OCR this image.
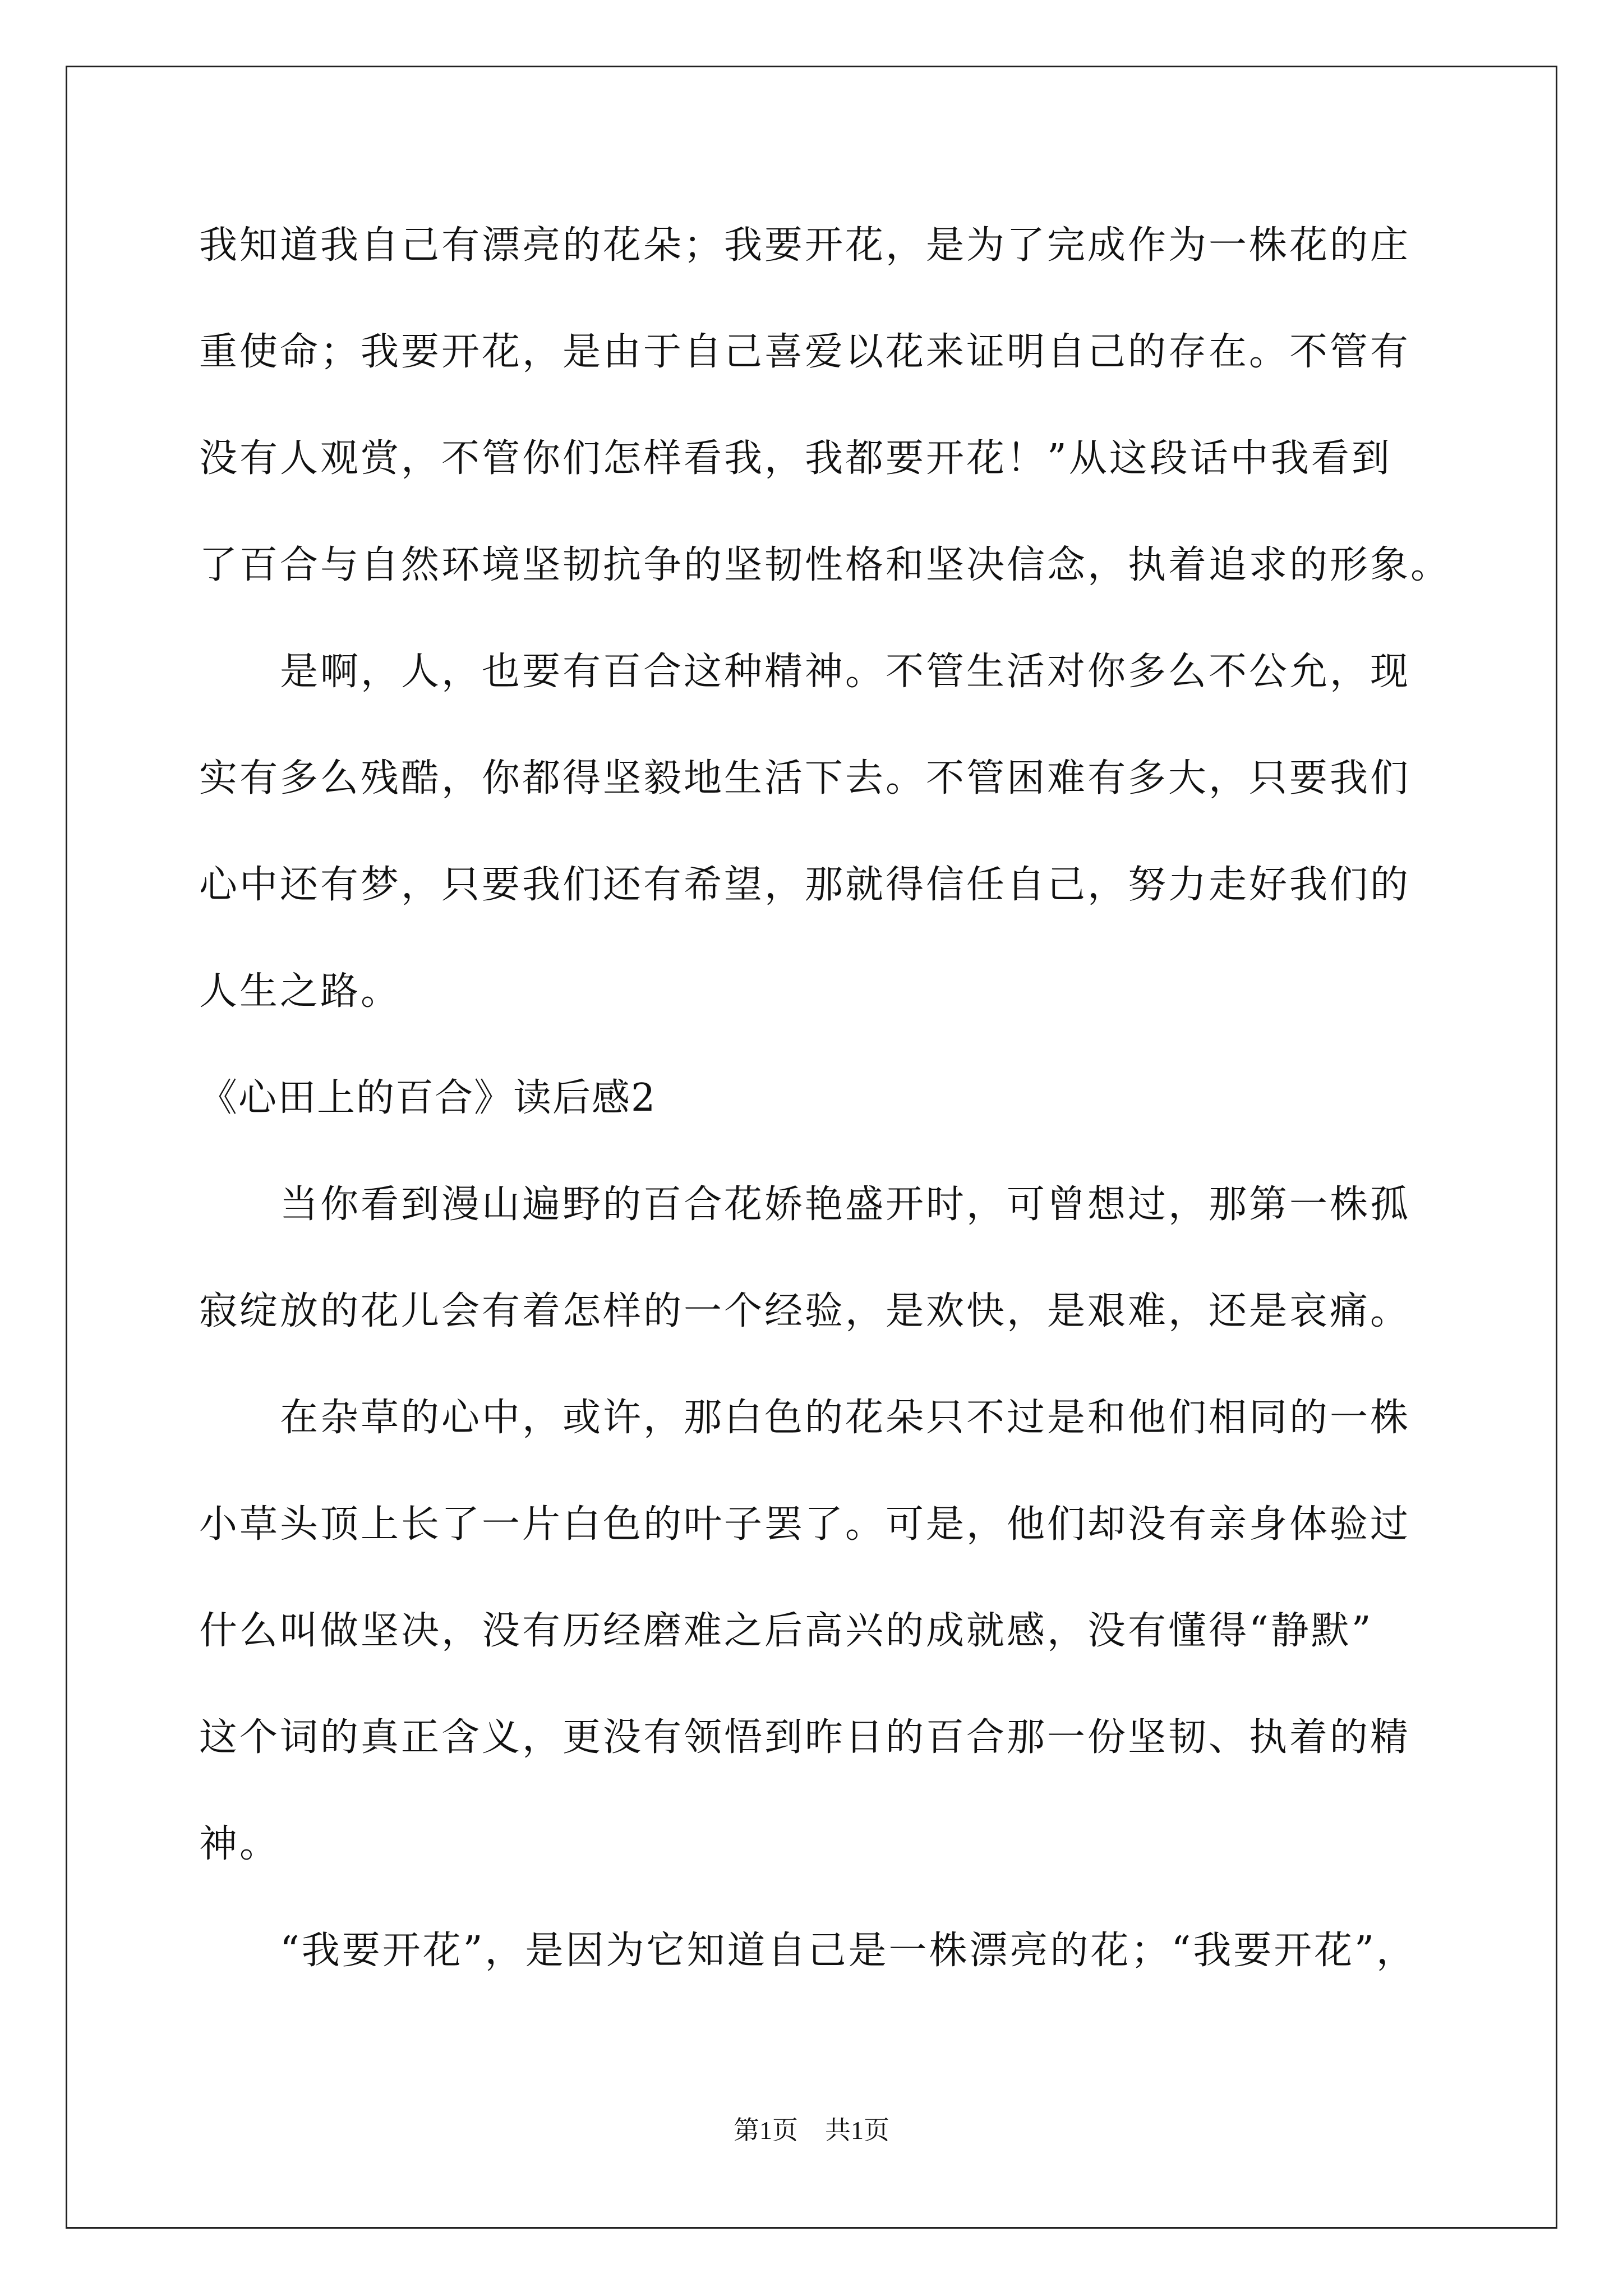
我知道我自己有漂亮的花朵；我要开花，是为了完成作为一株花的庄

重使命；我要开花，是由于自己喜爱以花来证明自己的存在。不管有

没有人观赏，不管你们怎样看我，我都要开花！”从这段话中我看到

了百合与自然环境坚韧抗争的坚韧性格和坚决信念，执着追求的形象。

是啊，人，也要有百合这种精神。不管生活对你多么不公允，现

实有多么残酷，你都得坚毅地生活下去。不管困难有多大，只要我们

心中还有梦，只要我们还有希望，那就得信任自己，努力走好我们的

人生之路。

《心田上的百合》读后感2

当你看到漫山遍野的百合花娇艳盛开时，可曾想过，那第一株孤

寂绽放的花儿会有着怎样的一个经验，是欢快，是艰难，还是哀痛。

在杂草的心中，或许，那白色的花朵只不过是和他们相同的一株

小草头顶上长了一片白色的叶子罢了。可是，他们却没有亲身体验过

什么叫做坚决，没有历经磨难之后高兴的成就感，没有懂得“静默”

这个词的真正含义，更没有领悟到昨日的百合那一份坚韧、执着的精

神。

“我要开花”，是因为它知道自己是一株漂亮的花；“我要开花”，

第1页 共1页
